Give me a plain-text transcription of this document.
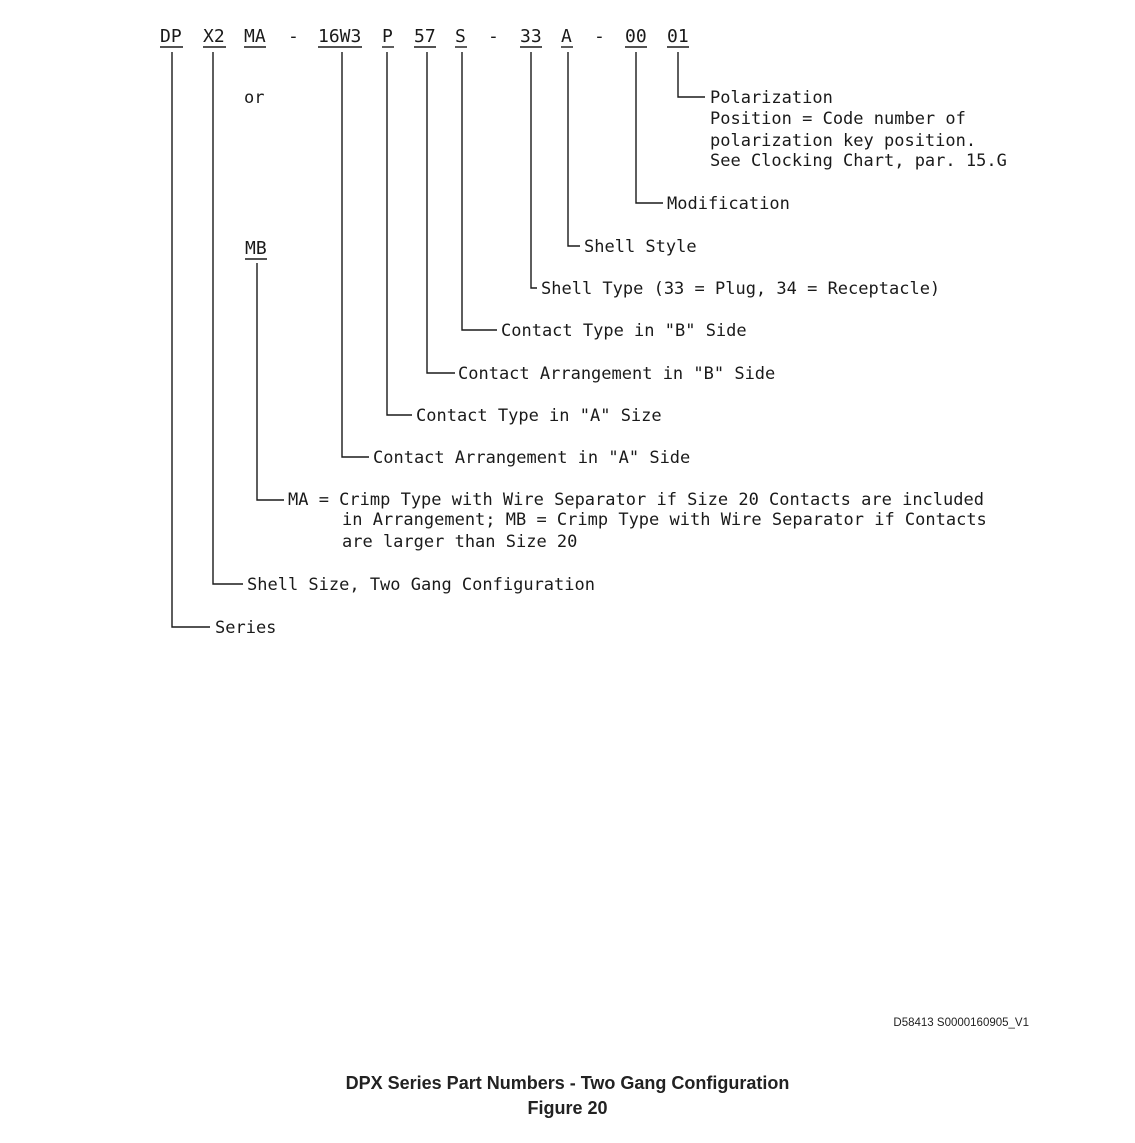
DP X2 MA - 16W3 P 57 S - 33 A - 00 01
or
MB
Polarization
Position = Code number of
polarization key position.
See Clocking Chart, par. 15.G
Modification
Shell Style
Shell Type (33 = Plug, 34 = Receptacle)
Contact Type in "B" Side
Contact Arrangement in "B" Side
Contact Type in "A" Size
Contact Arrangement in "A" Side
MA = Crimp Type with Wire Separator if Size 20 Contacts are included
in Arrangement; MB = Crimp Type with Wire Separator if Contacts
are larger than Size 20
Shell Size, Two Gang Configuration
Series
D58413 S0000160905_V1
DPX Series Part Numbers - Two Gang Configuration
Figure 20
